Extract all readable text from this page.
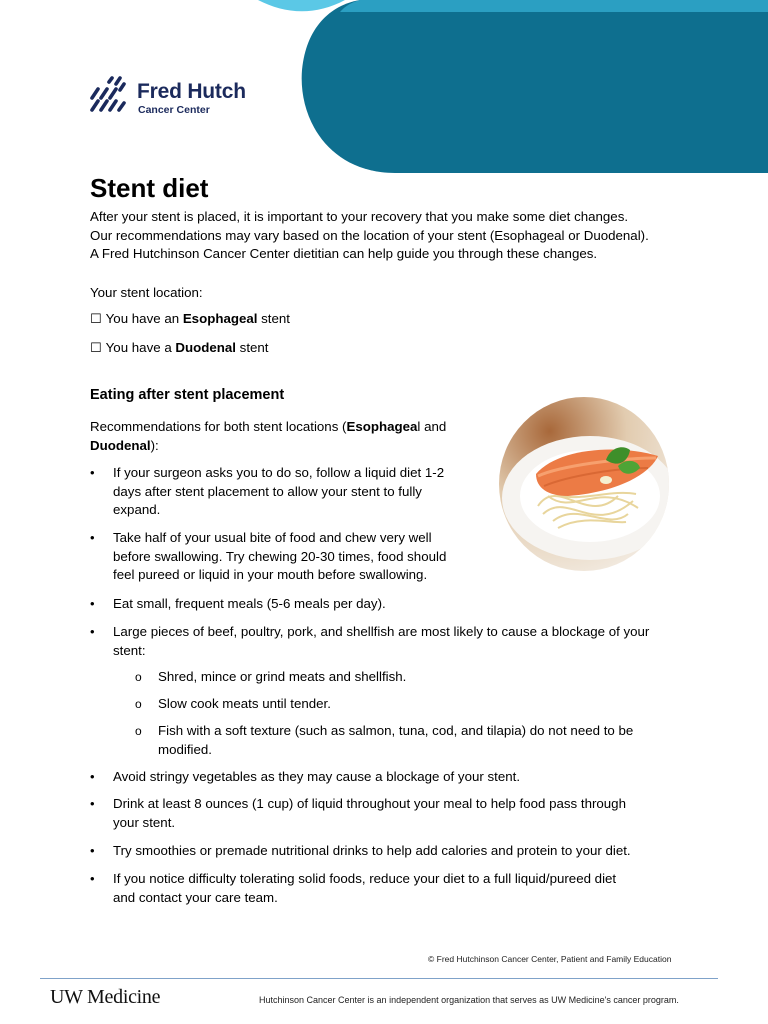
Fred Hutch
Cancer Center
Stent diet
After your stent is placed, it is important to your recovery that you make some diet changes.
Our recommendations may vary based on the location of your stent (Esophageal or Duodenal).
A Fred Hutchinson Cancer Center dietitian can help guide you through these changes.
Your stent location:
☐ You have an Esophageal stent
☐ You have a Duodenal stent
Eating after stent placement
Recommendations for both stent locations (Esophageal and
Duodenal):
• If your surgeon asks you to do so, follow a liquid diet 1-2
days after stent placement to allow your stent to fully
expand.
• Take half of your usual bite of food and chew very well
before swallowing. Try chewing 20-30 times, food should
feel pureed or liquid in your mouth before swallowing.
• Eat small, frequent meals (5-6 meals per day).
• Large pieces of beef, poultry, pork, and shellfish are most likely to cause a blockage of your
stent:
o Shred, mince or grind meats and shellfish.
o Slow cook meats until tender.
o Fish with a soft texture (such as salmon, tuna, cod, and tilapia) do not need to be
modified.
• Avoid stringy vegetables as they may cause a blockage of your stent.
• Drink at least 8 ounces (1 cup) of liquid throughout your meal to help food pass through
your stent.
• Try smoothies or premade nutritional drinks to help add calories and protein to your diet.
• If you notice difficulty tolerating solid foods, reduce your diet to a full liquid/pureed diet
and contact your care team.
© Fred Hutchinson Cancer Center, Patient and Family Education
UW Medicine	Hutchinson Cancer Center is an independent organization that serves as UW Medicine's cancer program.
